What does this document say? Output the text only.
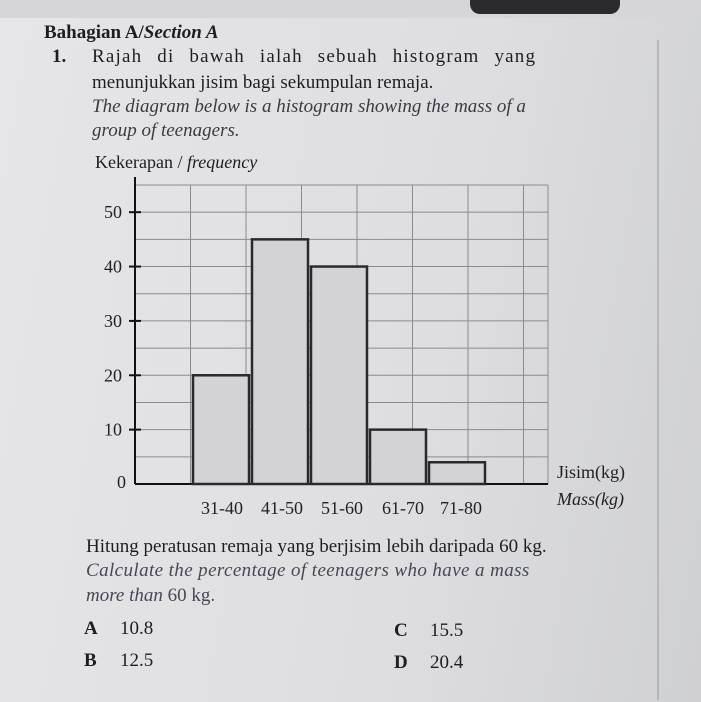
Bahagian A/Section A
1. Rajah di bawah ialah sebuah histogram yang
menunjukkan jisim bagi sekumpulan remaja.
The diagram below is a histogram showing the mass of a
group of teenagers.
Kekerapan / frequency
0
10
20
30
40
50
31-40 41-50 51-60 61-70 71-80
Jisim(kg)
Mass(kg)
Hitung peratusan remaja yang berjisim lebih daripada 60 kg.
Calculate the percentage of teenagers who have a mass
more than 60 kg.
A 10.8
B 12.5
C 15.5
D 20.4
